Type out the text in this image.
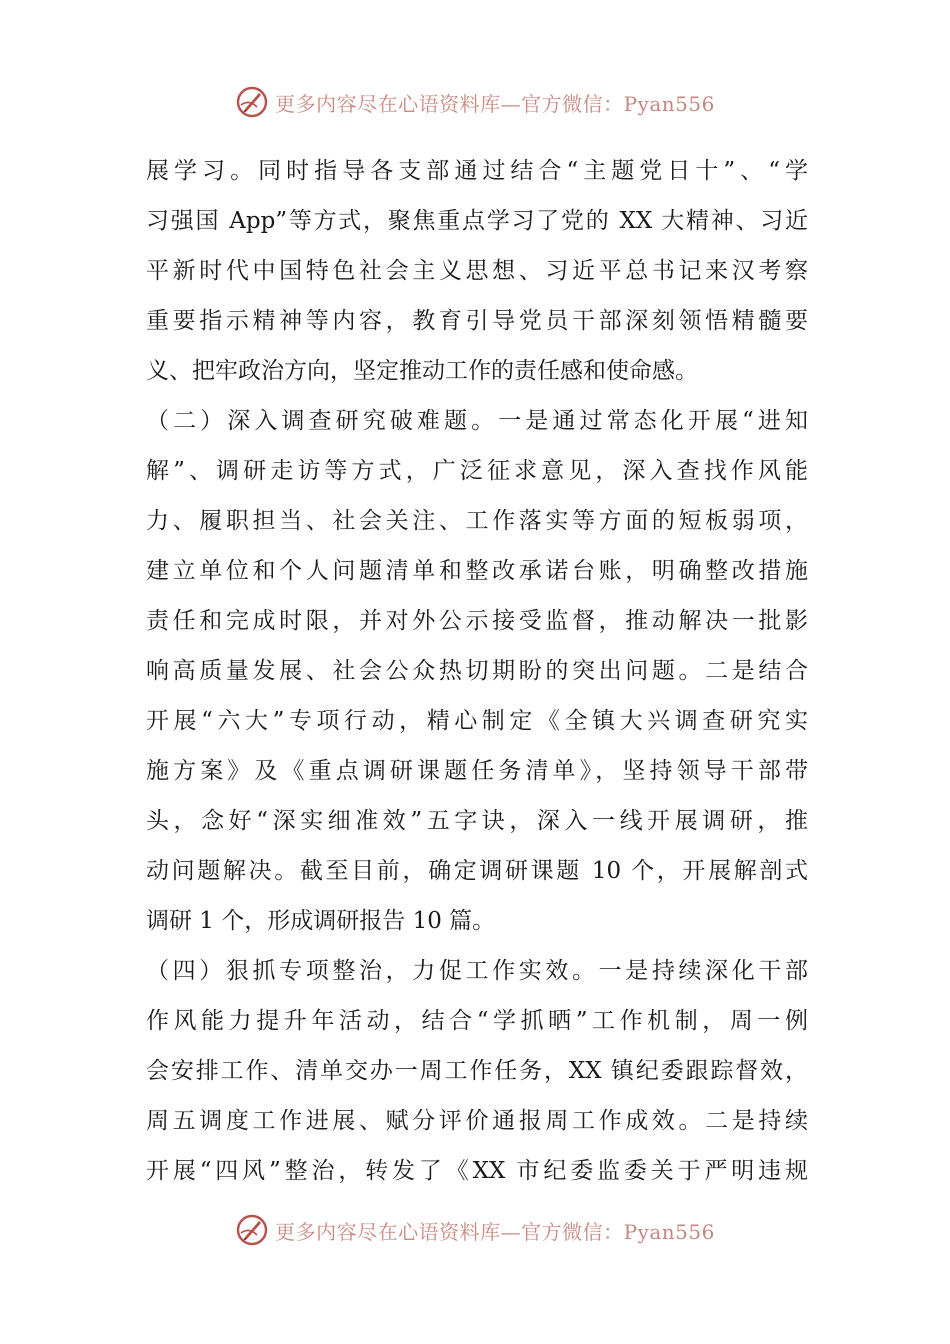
更多内容尽在心语资料库—官方微信：Pyan556
展学习。同时指导各支部通过结合“主题党日十”、“学
习强国 App”等方式，聚焦重点学习了党的 XX 大精神、习近
平新时代中国特色社会主义思想、习近平总书记来汉考察
重要指示精神等内容，教育引导党员干部深刻领悟精髓要
义、把牢政治方向，坚定推动工作的责任感和使命感。
（二）深入调查研究破难题。一是通过常态化开展“进知
解”、调研走访等方式，广泛征求意见，深入查找作风能
力、履职担当、社会关注、工作落实等方面的短板弱项，
建立单位和个人问题清单和整改承诺台账，明确整改措施
责任和完成时限，并对外公示接受监督，推动解决一批影
响高质量发展、社会公众热切期盼的突出问题。二是结合
开展“六大”专项行动，精心制定《全镇大兴调查研究实
施方案》及《重点调研课题任务清单》，坚持领导干部带
头，念好“深实细准效”五字诀，深入一线开展调研，推
动问题解决。截至目前，确定调研课题 10 个，开展解剖式
调研 1 个，形成调研报告 10 篇。
（四）狠抓专项整治，力促工作实效。一是持续深化干部
作风能力提升年活动，结合“学抓晒”工作机制，周一例
会安排工作、清单交办一周工作任务，XX 镇纪委跟踪督效，
周五调度工作进展、赋分评价通报周工作成效。二是持续
开展“四风”整治，转发了《XX 市纪委监委关于严明违规
更多内容尽在心语资料库—官方微信：Pyan556
